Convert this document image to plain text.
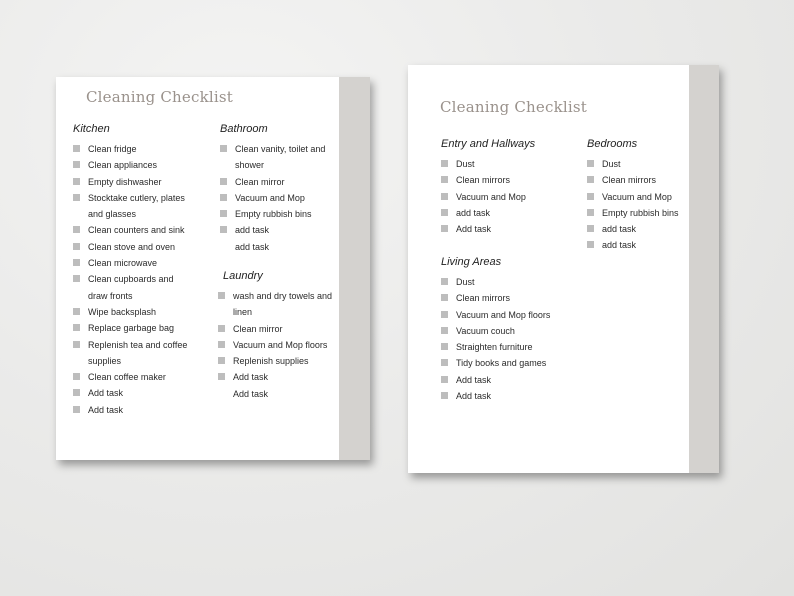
Cleaning Checklist
Kitchen
Clean fridge
Clean appliances
Empty dishwasher
Stocktake cutlery, plates and glasses
Clean counters and sink
Clean stove and oven
Clean microwave
Clean cupboards and draw fronts
Wipe backsplash
Replace garbage bag
Replenish tea and coffee supplies
Clean coffee maker
Add task
Add task
Bathroom
Clean vanity, toilet and shower
Clean mirror
Vacuum and Mop
Empty rubbish bins
add task
add task
Laundry
wash and dry towels and linen
Clean mirror
Vacuum and Mop floors
Replenish supplies
Add task
Add task
Cleaning Checklist
Entry and Hallways
Dust
Clean mirrors
Vacuum and Mop
add task
Add task
Bedrooms
Dust
Clean mirrors
Vacuum and Mop
Empty rubbish bins
add task
add task
Living Areas
Dust
Clean mirrors
Vacuum and Mop floors
Vacuum couch
Straighten furniture
Tidy books and games
Add task
Add task
